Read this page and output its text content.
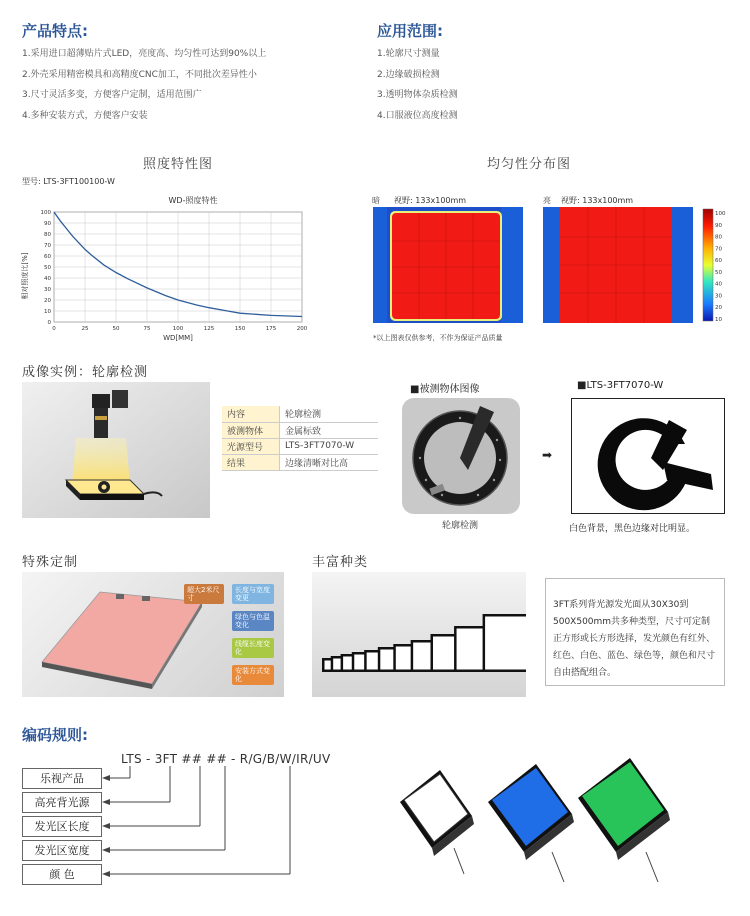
产品特点:
1.采用进口超薄贴片式LED，亮度高、均匀性可达到90%以上
2.外壳采用精密模具和高精度CNC加工，不同批次差异性小
3.尺寸灵活多变，方便客户定制，适用范围广
4.多种安装方式，方便客户安装
应用范围:
1.轮廓尺寸测量
2.边缘破损检测
3.透明物体杂质检测
4.口服液位高度检测
照度特性图
型号: LTS-3FT100100-W
WD-照度特性
相对照度比[%]
WD[MM]
0
10
20
30
40
50
60
70
80
90
100
0	25	50	75	100	125	150	175	200
均匀性分布图
暗 视野: 133x100mm	亮 视野: 133x100mm
100
90
80
70
60
50
40
30
20
10
*以上图表仅供参考，不作为保证产品质量
成像实例：轮廓检测
内容	轮廓检测
被测物体	金属标致
光源型号	LTS-3FT7070-W
结果	边缘清晰对比高
■被测物体图像
轮廓检测
➡
■LTS-3FT7070-W
白色背景，黑色边缘对比明显。
特殊定制
超大2米尺寸
长度与宽度变更
绿色与色温变化
线缆长度变化
安装方式变化
丰富种类
3FT系列背光源发光面从30X30到500X500mm共多种类型，尺寸可定制正方形或长方形选择，发光颜色有红外、红色、白色、蓝色、绿色等，颜色和尺寸自由搭配组合。
编码规则:
LTS - 3FT ## ## - R/G/B/W/IR/UV
乐视产品
高亮背光源
发光区长度
发光区宽度
颜 色
